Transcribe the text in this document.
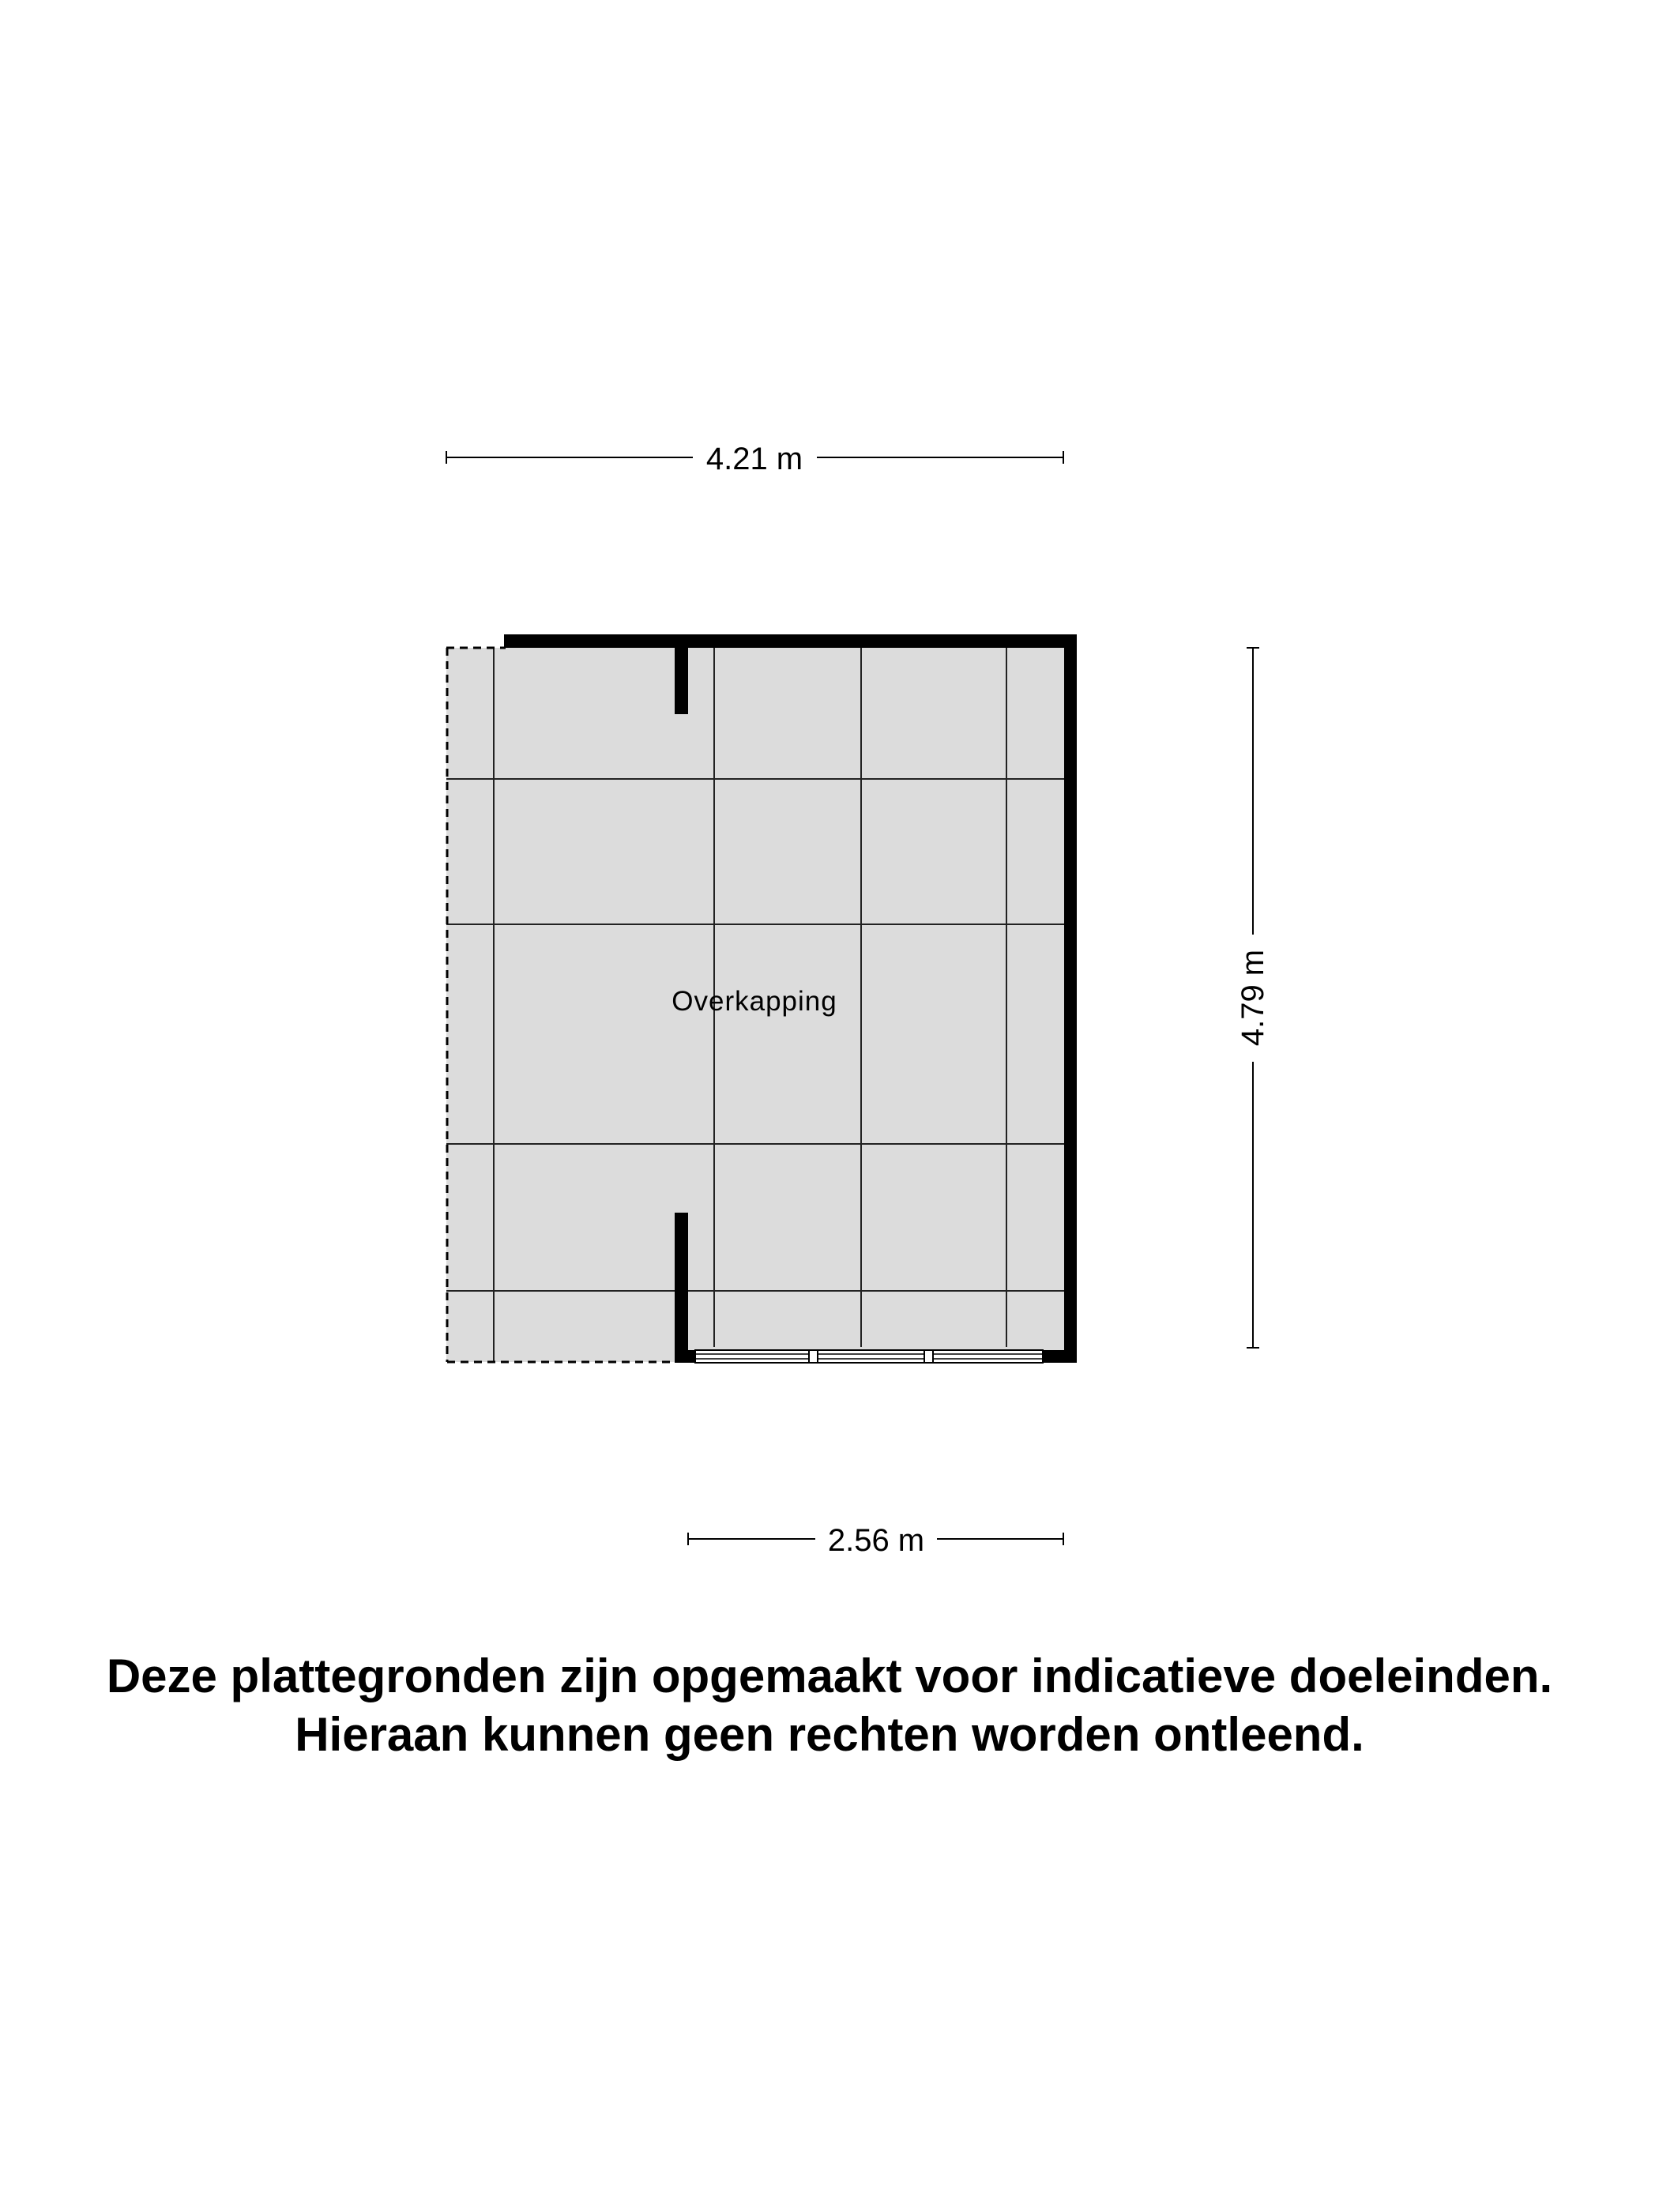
Overkapping
4.21 m
2.56 m
4.79 m
Deze plattegronden zijn opgemaakt voor indicatieve doeleinden.
Hieraan kunnen geen rechten worden ontleend.
